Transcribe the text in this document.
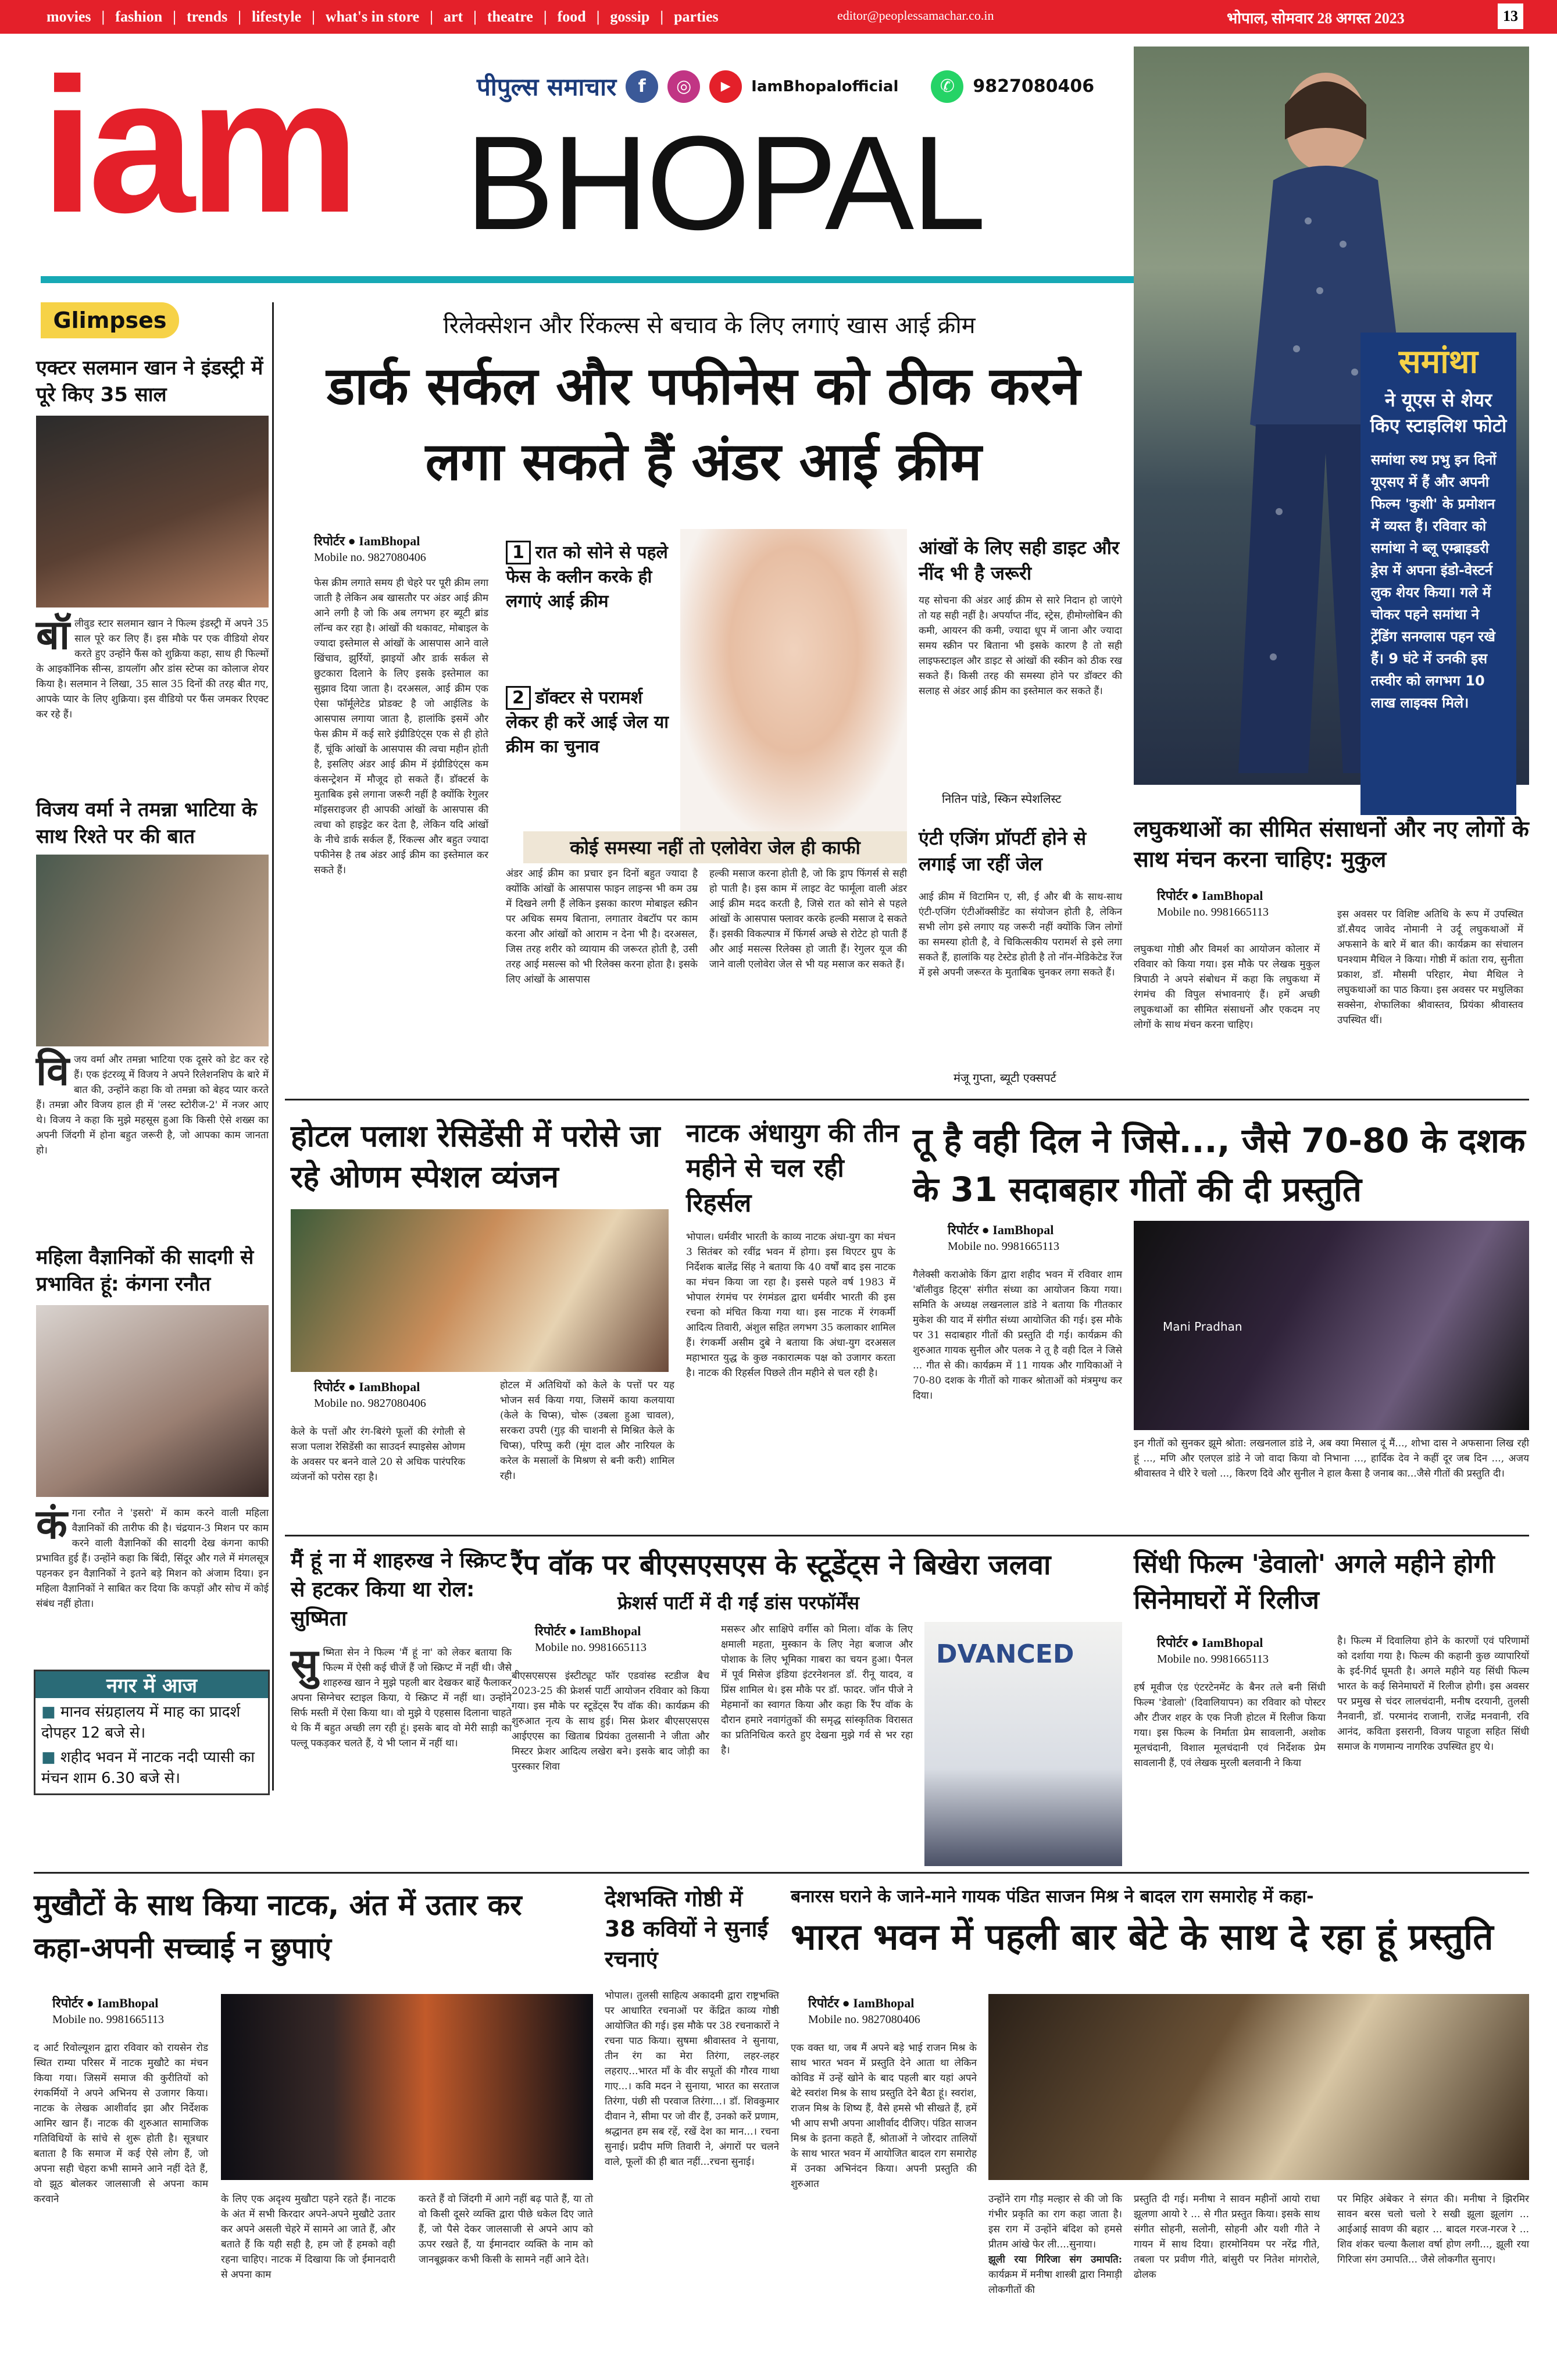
movies | fashion | trends | lifestyle | what's in store | art | theatre | food | gossip | parties	editor@peoplessamachar.co.in	भोपाल, सोमवार 28 अगस्त 2023	13
iam BHOPAL
पीपुल्स समाचार	f	◎	▶	IamBhopalofficial	✆	9827080406
समांथा
ने यूएस से शेयर किए स्टाइलिश फोटो
समांथा रुथ प्रभु इन दिनों यूएसए में हैं और अपनी फिल्म 'कुशी' के प्रमोशन में व्यस्त हैं। रविवार को समांथा ने ब्लू एम्ब्राइडरी ड्रेस में अपना इंडो-वेस्टर्न लुक शेयर किया। गले में चोकर पहने समांथा ने ट्रेंडिंग सनग्लास पहन रखे हैं। 9 घंटे में उनकी इस तस्वीर को लगभग 10 लाख लाइक्स मिले।
Glimpses
एक्टर सलमान खान ने इंडस्ट्री में पूरे किए 35 साल
बॉलीवुड स्टार सलमान खान ने फिल्म इंडस्ट्री में अपने 35 साल पूरे कर लिए हैं। इस मौके पर एक वीडियो शेयर करते हुए उन्होंने फैंस को शुक्रिया कहा, साथ ही फिल्मों के आइकॉनिक सीन्स, डायलॉग और डांस स्टेप्स का कोलाज शेयर किया है। सलमान ने लिखा, 35 साल 35 दिनों की तरह बीत गए, आपके प्यार के लिए शुक्रिया। इस वीडियो पर फैंस जमकर रिएक्ट कर रहे हैं।
विजय वर्मा ने तमन्ना भाटिया के साथ रिश्ते पर की बात
विजय वर्मा और तमन्ना भाटिया एक दूसरे को डेट कर रहे हैं। एक इंटरव्यू में विजय ने अपने रिलेशनशिप के बारे में बात की, उन्होंने कहा कि वो तमन्ना को बेहद प्यार करते हैं। तमन्ना और विजय हाल ही में 'लस्ट स्टोरीज-2' में नजर आए थे। विजय ने कहा कि मुझे महसूस हुआ कि किसी ऐसे शख्स का अपनी जिंदगी में होना बहुत जरूरी है, जो आपका काम जानता हो।
महिला वैज्ञानिकों की सादगी से प्रभावित हूं: कंगना रनौत
कंगना रनौत ने 'इसरो' में काम करने वाली महिला वैज्ञानिकों की तारीफ की है। चंद्रयान-3 मिशन पर काम करने वाली वैज्ञानिकों की सादगी देख कंगना काफी प्रभावित हुई हैं। उन्होंने कहा कि बिंदी, सिंदूर और गले में मंगलसूत्र पहनकर इन वैज्ञानिकों ने इतने बड़े मिशन को अंजाम दिया। इन महिला वैज्ञानिकों ने साबित कर दिया कि कपड़ों और सोच में कोई संबंध नहीं होता।
नगर में आज
■ मानव संग्रहालय में माह का प्रादर्श दोपहर 12 बजे से।
■ शहीद भवन में नाटक नदी प्यासी का मंचन शाम 6.30 बजे से।
रिलेक्सेशन और रिंकल्स से बचाव के लिए लगाएं खास आई क्रीम
डार्क सर्कल और पफीनेस को ठीक करने लगा सकते हैं अंडर आई क्रीम
रिपोर्टर ● IamBhopal
Mobile no. 9827080406
फेस क्रीम लगाते समय ही चेहरे पर पूरी क्रीम लगा जाती है लेकिन अब खासतौर पर अंडर आई क्रीम आने लगी है जो कि अब लगभग हर ब्यूटी ब्रांड लॉन्च कर रहा है। आंखों की थकावट, मोबाइल के ज्यादा इस्तेमाल से आंखों के आसपास आने वाले खिंचाव, झुर्रियों, झाइयों और डार्क सर्कल से छुटकारा दिलाने के लिए इसके इस्तेमाल का सुझाव दिया जाता है। दरअसल, आई क्रीम एक ऐसा फॉर्मूलेटेड प्रोडक्ट है जो आईलिड के आसपास लगाया जाता है, हालांकि इसमें और फेस क्रीम में कई सारे इंग्रीडिएंट्स एक से ही होते हैं, चूंकि आंखों के आसपास की त्वचा महीन होती है, इसलिए अंडर आई क्रीम में इंग्रीडिएंट्स कम कंसन्ट्रेशन में मौजूद हो सकते हैं। डॉक्टर्स के मुताबिक इसे लगाना जरूरी नहीं है क्योंकि रेगुलर मॉइसराइजर ही आपकी आंखों के आसपास की त्वचा को हाइड्रेट कर देता है, लेकिन यदि आंखों के नीचे डार्क सर्कल हैं, रिंकल्स और बहुत ज्यादा पफीनेस है तब अंडर आई क्रीम का इस्तेमाल कर सकते हैं।
1 रात को सोने से पहले फेस के क्लीन करके ही लगाएं आई क्रीम
2 डॉक्टर से परामर्श लेकर ही करें आई जेल या क्रीम का चुनाव
आंखों के लिए सही डाइट और नींद भी है जरूरी
यह सोचना की अंडर आई क्रीम से सारे निदान हो जाएंगे तो यह सही नहीं है। अपर्याप्त नींद, स्ट्रेस, हीमोग्लोबिन की कमी, आयरन की कमी, ज्यादा धूप में जाना और ज्यादा समय स्क्रीन पर बिताना भी इसके कारण है तो सही लाइफस्टाइल और डाइट से आंखों की स्कीन को ठीक रख सकते हैं। किसी तरह की समस्या होने पर डॉक्टर की सलाह से अंडर आई क्रीम का इस्तेमाल कर सकते हैं।
नितिन पांडे, स्किन स्पेशलिस्ट
कोई समस्या नहीं तो एलोवेरा जेल ही काफी
अंडर आई क्रीम का प्रचार इन दिनों बहुत ज्यादा है क्योंकि आंखों के आसपास फाइन लाइन्स भी कम उम्र में दिखने लगी हैं लेकिन इसका कारण मोबाइल स्क्रीन पर अधिक समय बिताना, लगातार वेबटॉप पर काम करना और आंखों को आराम न देना भी है। दरअसल, जिस तरह शरीर को व्यायाम की जरूरत होती है, उसी तरह आई मसल्स को भी रिलेक्स करना होता है। इसके लिए आंखों के आसपास
हल्की मसाज करना होती है, जो कि ड्राप फिंगर्स से सही हो पाती है। इस काम में लाइट वेट फार्मूला वाली अंडर आई क्रीम मदद करती है, जिसे रात को सोने से पहले आंखों के आसपास फ्लावर करके हल्की मसाज दे सकते हैं। इसकी विकल्पात्र में फिंगर्स अच्छे से रोटेट हो पाती हैं और आई मसल्स रिलेक्स हो जाती हैं। रेगुलर यूज की जाने वाली एलोवेरा जेल से भी यह मसाज कर सकते हैं।
एंटी एजिंग प्रॉपर्टी होने से लगाई जा रहीं जेल
आई क्रीम में विटामिन ए, सी, ई और बी के साथ-साथ एंटी-एजिंग एंटीऑक्सीडेंट का संयोजन होती है, लेकिन सभी लोग इसे लगाए यह जरूरी नहीं क्योंकि जिन लोगों का समस्या होती है, वे चिकित्सकीय परामर्श से इसे लगा सकते हैं, हालांकि यह टेस्टेड होती है तो नॉन-मेडिकेटेड रेंज में इसे अपनी जरूरत के मुताबिक चुनकर लगा सकते हैं।
मंजू गुप्ता, ब्यूटी एक्सपर्ट
लघुकथाओं का सीमित संसाधनों और नए लोगों के साथ मंचन करना चाहिए: मुकुल
रिपोर्टर ● IamBhopal
Mobile no. 9981665113
लघुकथा गोष्ठी और विमर्श का आयोजन कोलार में रविवार को किया गया। इस मौके पर लेखक मुकुल त्रिपाठी ने अपने संबोधन में कहा कि लघुकथा में रंगमंच की विपुल संभावनाएं हैं। हमें अच्छी लघुकथाओं का सीमित संसाधनों और एकदम नए लोगों के साथ मंचन करना चाहिए।
इस अवसर पर विशिष्ट अतिथि के रूप में उपस्थित डॉ.सैयद जावेद नोमानी ने उर्दू लघुकथाओं में अफसाने के बारे में बात की। कार्यक्रम का संचालन घनश्याम मैथिल ने किया। गोष्ठी में कांता राय, सुनीता प्रकाश, डॉ. मौसमी परिहार, मेघा मैथिल ने लघुकथाओं का पाठ किया। इस अवसर पर मधुलिका सक्सेना, शेफालिका श्रीवास्तव, प्रियंका श्रीवास्तव उपस्थित थीं।
होटल पलाश रेसिडेंसी में परोसे जा रहे ओणम स्पेशल व्यंजन
रिपोर्टर ● IamBhopal
Mobile no. 9827080406
केले के पत्तों और रंग-बिरंगे फूलों की रंगोली से सजा पलाश रेसिडेंसी का साउदर्न स्पाइसेस ओणम के अवसर पर बनने वाले 20 से अधिक पारंपरिक व्यंजनों को परोस रहा है।
होटल में अतिथियों को केले के पत्तों पर यह भोजन सर्व किया गया, जिसमें काया कलयाया (केले के चिप्स), चोरू (उबला हुआ चावल), सरकरा उपरी (गुड़ की चाशनी से मिश्रित केले के चिप्स), परिप्पु करी (मूंग दाल और नारियल के करेल के मसालों के मिश्रण से बनी करी) शामिल रही।
नाटक अंधायुग की तीन महीने से चल रही रिहर्सल
भोपाल। धर्मवीर भारती के काव्य नाटक अंधा-युग का मंचन 3 सितंबर को रवींद्र भवन में होगा। इस थिएटर ग्रुप के निर्देशक बालेंद्र सिंह ने बताया कि 40 वर्षों बाद इस नाटक का मंचन किया जा रहा है। इससे पहले वर्ष 1983 में भोपाल रंगमंच पर रंगमंडल द्वारा धर्मवीर भारती की इस रचना को मंचित किया गया था। इस नाटक में रंगकर्मी आदित्य तिवारी, अंशुल सहित लगभग 35 कलाकार शामिल हैं। रंगकर्मी असीम दुबे ने बताया कि अंधा-युग दरअसल महाभारत युद्ध के कुछ नकारात्मक पक्ष को उजागर करता है। नाटक की रिहर्सल पिछले तीन महीने से चल रही है।
तू है वही दिल ने जिसे..., जैसे 70-80 के दशक के 31 सदाबहार गीतों की दी प्रस्तुति
रिपोर्टर ● IamBhopal
Mobile no. 9981665113
गैलेक्सी कराओके किंग द्वारा शहीद भवन में रविवार शाम 'बॉलीवुड हिट्स' संगीत संध्या का आयोजन किया गया। समिति के अध्यक्ष लखनलाल डांडे ने बताया कि गीतकार मुकेश की याद में संगीत संध्या आयोजित की गई। इस मौके पर 31 सदाबहार गीतों की प्रस्तुति दी गई। कार्यक्रम की शुरुआत गायक सुनील और पलक ने तू है वही दिल ने जिसे ... गीत से की। कार्यक्रम में 11 गायक और गायिकाओं ने 70-80 दशक के गीतों को गाकर श्रोताओं को मंत्रमुग्ध कर दिया।
Mani Pradhan
इन गीतों को सुनकर झूमे श्रोता: लखनलाल डांडे ने, अब क्या मिसाल दूं मैं..., शोभा दास ने अफसाना लिख रही हूं ..., मणि और एलएल डांडे ने जो वादा किया वो निभाना ..., हार्दिक देव ने कहीं दूर जब दिन ..., अजय श्रीवास्तव ने धीरे रे चलो ..., किरण दिवे और सुनील ने हाल कैसा है जनाब का...जैसे गीतों की प्रस्तुति दी।
मैं हूं ना में शाहरुख ने स्क्रिप्ट से हटकर किया था रोल: सुष्मिता
सुष्मिता सेन ने फिल्म 'मैं हूं ना' को लेकर बताया कि फिल्म में ऐसी कई चीजें हैं जो स्क्रिप्ट में नहीं थी। जैसे शाहरुख खान ने मुझे पहली बार देखकर बाहें फैलाकर अपना सिग्नेचर स्टाइल किया, ये स्क्रिप्ट में नहीं था। उन्होंने सिर्फ मस्ती में ऐसा किया था। वो मुझे ये एहसास दिलाना चाहते थे कि मैं बहुत अच्छी लग रही हूं। इसके बाद वो मेरी साड़ी का पल्लू पकड़कर चलते हैं, ये भी प्लान में नहीं था।
रैंप वॉक पर बीएसएसएस के स्टूडेंट्स ने बिखेरा जलवा
फ्रेशर्स पार्टी में दी गईं डांस परफॉर्मेंस
रिपोर्टर ● IamBhopal
Mobile no. 9981665113
बीएसएसएस इंस्टीट्यूट फॉर एडवांस्ड स्टडीज बैच 2023-25 की फ्रेशर्स पार्टी आयोजन रविवार को किया गया। इस मौके पर स्टूडेंट्स रैंप वॉक की। कार्यक्रम की शुरुआत नृत्य के साथ हुई। मिस फ्रेशर बीएसएसएस आईएएस का खिताब प्रियंका तुलसानी ने जीता और मिस्टर फ्रेशर आदित्य लखेरा बने। इसके बाद जोड़ी का पुरस्कार शिवा
मसरूर और साक्षिपे वर्गीस को मिला। वॉक के लिए क्षमाली महता, मुस्कान के लिए नेहा बजाज और पोशाक के लिए भूमिका गाबरा का चयन हुआ। पैनल में पूर्व मिसेज इंडिया इंटरनेशनल डॉ. रीनू यादव, व प्रिंस शामिल थे। इस मौके पर डॉ. फादर. जॉन पीजे ने मेहमानों का स्वागत किया और कहा कि रैंप वॉक के दौरान हमारे नवागंतुकों की समृद्ध सांस्कृतिक विरासत का प्रतिनिधित्व करते हुए देखना मुझे गर्व से भर रहा है।
DVANCED
सिंधी फिल्म 'डेवालो' अगले महीने होगी सिनेमाघरों में रिलीज
रिपोर्टर ● IamBhopal
Mobile no. 9981665113
हर्ष मूवीज एंड एंटरटेनमेंट के बैनर तले बनी सिंधी फिल्म 'डेवालो' (दिवालियापन) का रविवार को पोस्टर और टीजर शहर के एक निजी होटल में रिलीज किया गया। इस फिल्म के निर्माता प्रेम सावलानी, अशोक मूलचंदानी, विशाल मूलचंदानी एवं निर्देशक प्रेम सावलानी हैं, एवं लेखक मुरली बलवानी ने किया
है। फिल्म में दिवालिया होने के कारणों एवं परिणामों को दर्शाया गया है। फिल्म की कहानी कुछ व्यापारियों के इर्द-गिर्द घूमती है। अगले महीने यह सिंधी फिल्म भारत के कई सिनेमाघरों में रिलीज होगी। इस अवसर पर प्रमुख से चंदर लालचंदानी, मनीष दरयानी, तुलसी नैनवानी, डॉ. परमानंद राजानी, राजेंद्र मनवानी, रवि आनंद, कविता इसरानी, विजय पाहूजा सहित सिंधी समाज के गणमान्य नागरिक उपस्थित हुए थे।
मुखौटों के साथ किया नाटक, अंत में उतार कर कहा-अपनी सच्चाई न छुपाएं
रिपोर्टर ● IamBhopal
Mobile no. 9981665113
द आर्ट रिवोल्यूशन द्वारा रविवार को रायसेन रोड स्थित राम्या परिसर में नाटक मुखौटे का मंचन किया गया। जिसमें समाज की कुरीतियों को रंगकर्मियों ने अपने अभिनय से उजागर किया। नाटक के लेखक आशीर्वाद झा और निर्देशक आमिर खान हैं। नाटक की शुरुआत सामाजिक गतिविधियों के सांचे से शुरू होती है। सूत्रधार बताता है कि समाज में कई ऐसे लोग हैं, जो अपना सही चेहरा कभी सामने आने नहीं देते हैं, वो झूठ बोलकर जालसाजी से अपना काम करवाने	के लिए एक अदृश्य मुखौटा पहने रहते हैं। नाटक के अंत में सभी किरदार अपने-अपने मुखौटे उतार कर अपने असली चेहरे में सामने आ जाते हैं, और बताते हैं कि यही सही है, हम जो हैं हमको वही रहना चाहिए। नाटक में दिखाया कि जो ईमानदारी से अपना काम
करते हैं वो जिंदगी में आगे नहीं बढ़ पाते हैं, या तो वो किसी दूसरे व्यक्ति द्वारा पीछे धकेल दिए जाते हैं, जो पैसे देकर जालसाजी से अपने आप को ऊपर रखते हैं, या ईमानदार व्यक्ति के नाम को जानबूझकर कभी किसी के सामने नहीं आने देते।
देशभक्ति गोष्ठी में 38 कवियों ने सुनाईं रचनाएं
भोपाल। तुलसी साहित्य अकादमी द्वारा राष्ट्रभक्ति पर आधारित रचनाओं पर केंद्रित काव्य गोष्ठी आयोजित की गई। इस मौके पर 38 रचनाकारों ने रचना पाठ किया। सुषमा श्रीवास्तव ने सुनाया, तीन रंग का मेरा तिरंगा, लहर-लहर लहराए...भारत माँ के वीर सपूतों की गौरव गाथा गाए...। कवि मदन ने सुनाया, भारत का सरताज तिरंगा, पंछी सी परवाज तिरंगा...। डॉ. शिवकुमार दीवान ने, सीमा पर जो वीर हैं, उनको करें प्रणाम, श्रद्धानत हम सब रहें, रखें देश का मान...। रचना सुनाई। प्रदीप मणि तिवारी ने, अंगारों पर चलने वाले, फूलों की ही बात नहीं...रचना सुनाई।
बनारस घराने के जाने-माने गायक पंडित साजन मिश्र ने बादल राग समारोह में कहा-
भारत भवन में पहली बार बेटे के साथ दे रहा हूं प्रस्तुति
रिपोर्टर ● IamBhopal
Mobile no. 9827080406
एक वक्त था, जब मैं अपने बड़े भाई राजन मिश्र के साथ भारत भवन में प्रस्तुति देने आता था लेकिन कोविड में उन्हें खोने के बाद पहली बार यहां अपने बेटे स्वरांश मिश्र के साथ प्रस्तुति देने बैठा हूं। स्वरांश, राजन मिश्र के शिष्य हैं, वैसे हमसे भी सीखते हैं, हमें भी आप सभी अपना आशीर्वाद दीजिए। पंडित साजन मिश्र के इतना कहते हैं, श्रोताओं ने जोरदार तालियों के साथ भारत भवन में आयोजित बादल राग समारोह में उनका अभिनंदन किया। अपनी प्रस्तुति की शुरुआत
उन्होंने राग गौड़ मल्हार से की जो कि गंभीर प्रकृति का राग कहा जाता है। इस राग में उन्होंने बंदिश को हमसे प्रीतम आंखे फेर ली....सुनाया।
झूली रया गिरिजा संग उमापति: कार्यक्रम में मनीषा शास्त्री द्वारा निमाड़ी लोकगीतों की
प्रस्तुति दी गई। मनीषा ने सावन महीनों आयो राधा झूलणा आयो रे ... से गीत प्रस्तुत किया। इसके साथ संगीत सोहनी, सलोनी, सोहनी और यशी गीते ने गायन में साथ दिया। हारमोनियम पर नरेंद्र गीते, तबला पर प्रवीण गीते, बांसुरी पर नितेश मांगरोले, ढोलक
पर मिहिर अंबेकर ने संगत की। मनीषा ने झिरमिर सावन बरस चलो चलो रे सखी झूला झूलांग ... आईआई सावण की बहार ... बादल गरज-गरज रे ... शिव शंकर चल्या कैलाश वर्षा होण लगी..., झूली रया गिरिजा संग उमापति... जैसे लोकगीत सुनाए।
